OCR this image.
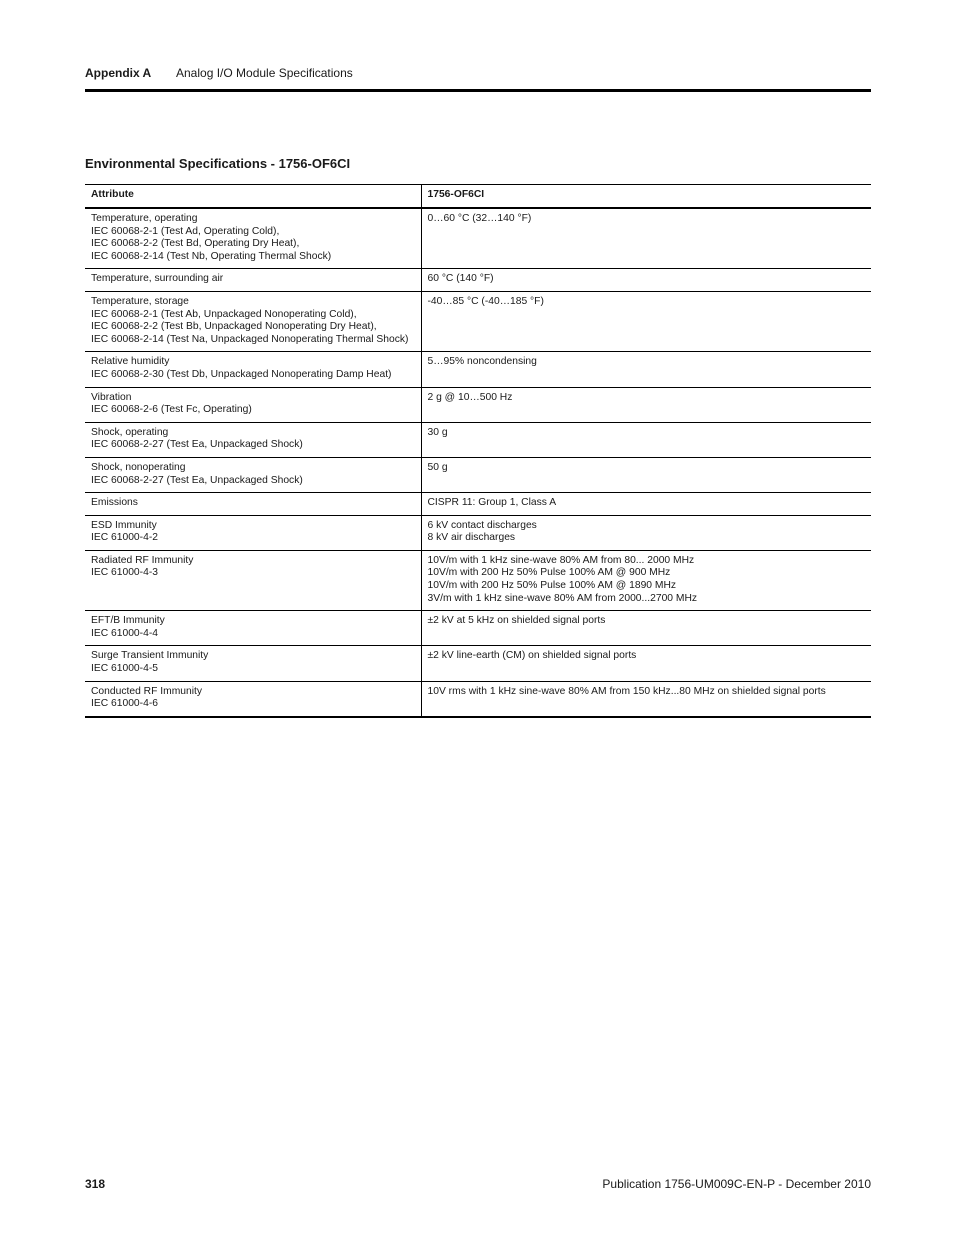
Appendix A	Analog I/O Module Specifications
Environmental Specifications - 1756-OF6CI
Attribute	1756-OF6CI

Temperature, operating
IEC 60068-2-1 (Test Ad, Operating Cold),
IEC 60068-2-2 (Test Bd, Operating Dry Heat),
IEC 60068-2-14 (Test Nb, Operating Thermal Shock)	0…60 °C (32…140 °F)

Temperature, surrounding air	60 °C (140 °F)

Temperature, storage
IEC 60068-2-1 (Test Ab, Unpackaged Nonoperating Cold),
IEC 60068-2-2 (Test Bb, Unpackaged Nonoperating Dry Heat),
IEC 60068-2-14 (Test Na, Unpackaged Nonoperating Thermal Shock)	-40…85 °C (-40…185 °F)

Relative humidity
IEC 60068-2-30 (Test Db, Unpackaged Nonoperating Damp Heat)	5…95% noncondensing

Vibration
IEC 60068-2-6 (Test Fc, Operating)	2 g @ 10…500 Hz

Shock, operating
IEC 60068-2-27 (Test Ea, Unpackaged Shock)	30 g

Shock, nonoperating
IEC 60068-2-27 (Test Ea, Unpackaged Shock)	50 g

Emissions	CISPR 11: Group 1, Class A

ESD Immunity
IEC 61000-4-2	6 kV contact discharges
8 kV air discharges

Radiated RF Immunity
IEC 61000-4-3	10V/m with 1 kHz sine-wave 80% AM from 80... 2000 MHz
10V/m with 200 Hz 50% Pulse 100% AM @ 900 MHz
10V/m with 200 Hz 50% Pulse 100% AM @ 1890 MHz
3V/m with 1 kHz sine-wave 80% AM from 2000...2700 MHz

EFT/B Immunity
IEC 61000-4-4	±2 kV at 5 kHz on shielded signal ports

Surge Transient Immunity
IEC 61000-4-5	±2 kV line-earth (CM) on shielded signal ports

Conducted RF Immunity
IEC 61000-4-6	10V rms with 1 kHz sine-wave 80% AM from 150 kHz...80 MHz on shielded signal ports
318	Publication 1756-UM009C-EN-P - December 2010
